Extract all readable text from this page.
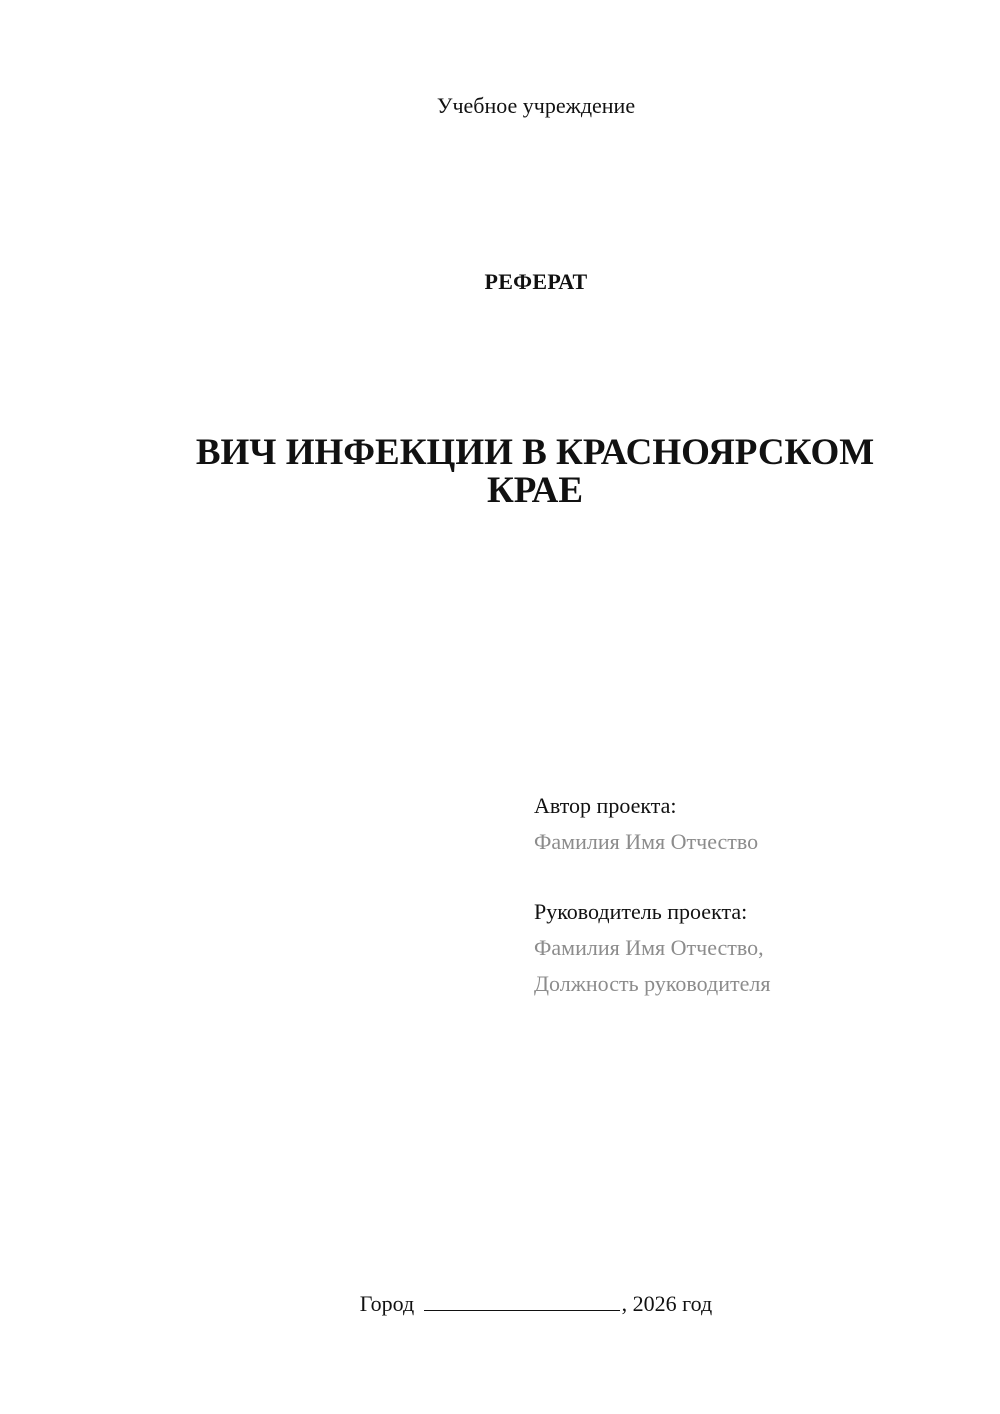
Учебное учреждение
РЕФЕРАТ
ВИЧ ИНФЕКЦИИ В КРАСНОЯРСКОМ
КРАЕ
Автор проекта:
Фамилия Имя Отчество
Руководитель проекта:
Фамилия Имя Отчество,
Должность руководителя
Город	, 2026 год
